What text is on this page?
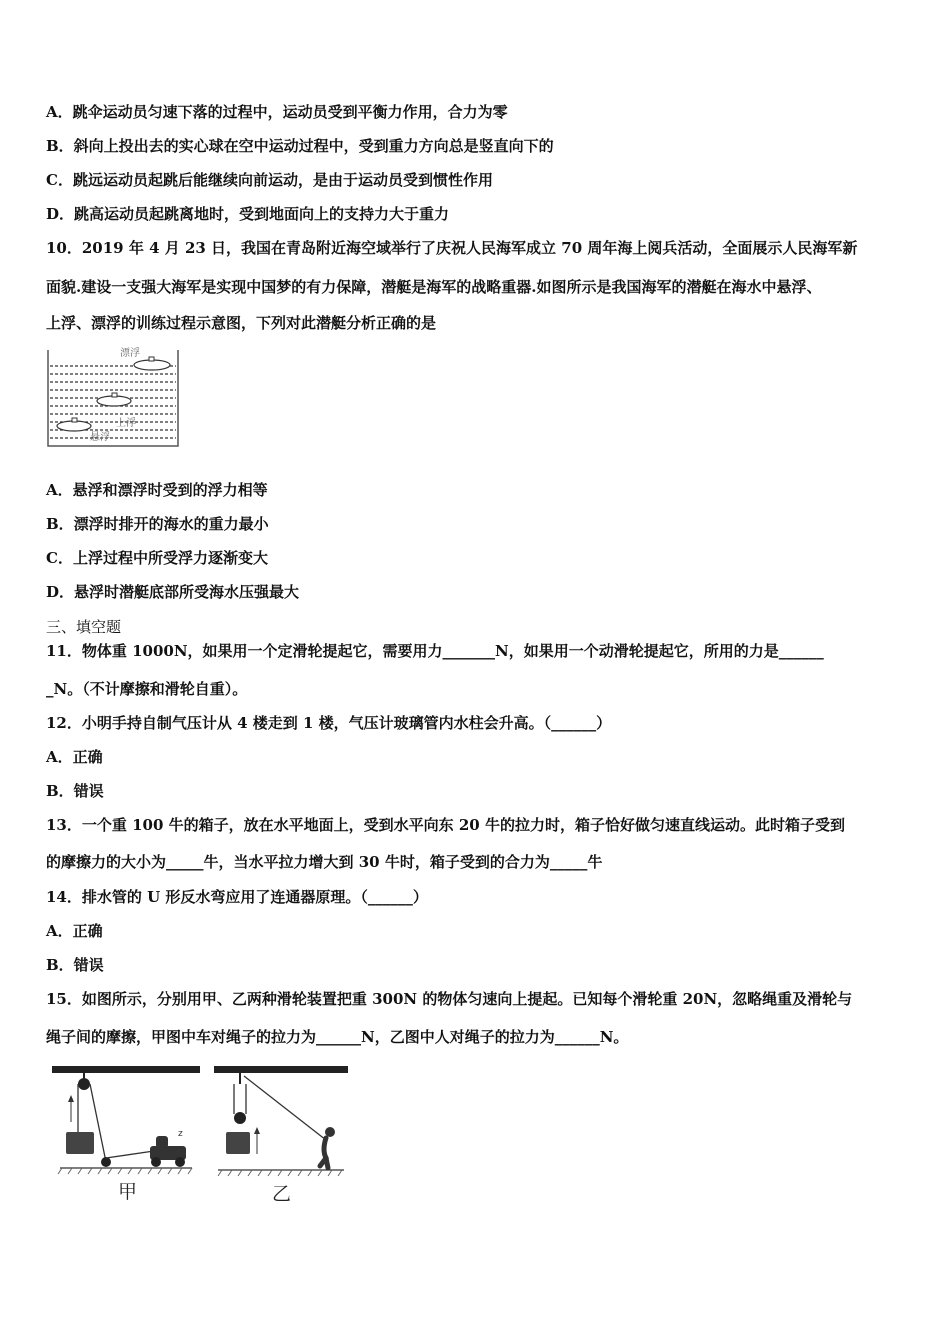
A．跳伞运动员匀速下落的过程中，运动员受到平衡力作用，合力为零
B．斜向上投出去的实心球在空中运动过程中，受到重力方向总是竖直向下的
C．跳远运动员起跳后能继续向前运动，是由于运动员受到惯性作用
D．跳高运动员起跳离地时，受到地面向上的支持力大于重力
10．2019 年 4 月 23 日，我国在青岛附近海空域举行了庆祝人民海军成立 70 周年海上阅兵活动，全面展示人民海军新
面貌.建设一支强大海军是实现中国梦的有力保障，潜艇是海军的战略重器.如图所示是我国海军的潜艇在海水中悬浮、
上浮、漂浮的训练过程示意图，下列对此潜艇分析正确的是
漂浮
上浮
悬浮
A．悬浮和漂浮时受到的浮力相等
B．漂浮时排开的海水的重力最小
C．上浮过程中所受浮力逐渐变大
D．悬浮时潜艇底部所受海水压强最大
三、填空题
11．物体重 1000N，如果用一个定滑轮提起它，需要用力_______N，如果用一个动滑轮提起它，所用的力是______
_N。（不计摩擦和滑轮自重）。
12．小明手持自制气压计从 4 楼走到 1 楼，气压计玻璃管内水柱会升高。（______）
A．正确
B．错误
13．一个重 100 牛的箱子，放在水平地面上，受到水平向东 20 牛的拉力时，箱子恰好做匀速直线运动。此时箱子受到
的摩擦力的大小为_____牛，当水平拉力增大到 30 牛时，箱子受到的合力为_____牛
14．排水管的 U 形反水弯应用了连通器原理。（______）
A．正确
B．错误
15．如图所示，分别用甲、乙两种滑轮装置把重 300N 的物体匀速向上提起。已知每个滑轮重 20N，忽略绳重及滑轮与
绳子间的摩擦，甲图中车对绳子的拉力为______N，乙图中人对绳子的拉力为______N。
z
甲	乙
